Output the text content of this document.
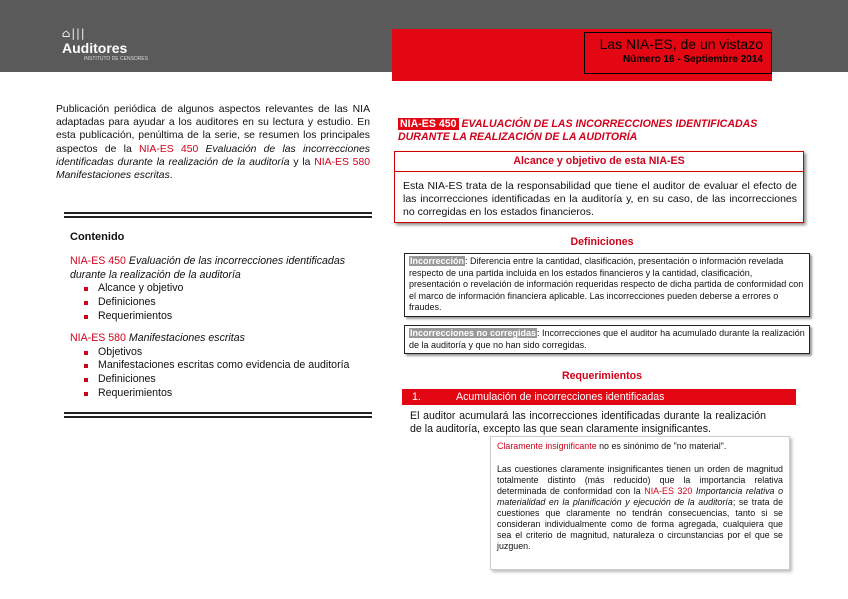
⌂|||
Auditores
INSTITUTO DE CENSORES
Las NIA-ES, de un vistazo
Número 16 - Septiembre 2014
Publicación periódica de algunos aspectos relevantes de las NIA adaptadas para ayudar a los auditores en su lectura y estudio. En esta publicación, penúltima de la serie, se resumen los principales aspectos de la NIA-ES 450 Evaluación de las incorrecciones identificadas durante la realización de la auditoría y la NIA-ES 580 Manifestaciones escritas.
Contenido
NIA-ES 450 Evaluación de las incorrecciones identificadas durante la realización de la auditoría
Alcance y objetivo
Definiciones
Requerimientos
NIA-ES 580 Manifestaciones escritas
Objetivos
Manifestaciones escritas como evidencia de auditoría
Definiciones
Requerimientos
NIA-ES 450 EVALUACIÓN DE LAS INCORRECCIONES IDENTIFICADAS DURANTE LA REALIZACIÓN DE LA AUDITORÍA
Alcance y objetivo de esta NIA-ES
Esta NIA-ES trata de la responsabilidad que tiene el auditor de evaluar el efecto de las incorrecciones identificadas en la auditoría y, en su caso, de las incorrecciones no corregidas en los estados financieros.
Definiciones
Incorrección: Diferencia entre la cantidad, clasificación, presentación o información revelada respecto de una partida incluida en los estados financieros y la cantidad, clasificación, presentación o revelación de información requeridas respecto de dicha partida de conformidad con el marco de información financiera aplicable. Las incorrecciones pueden deberse a errores o fraudes.
Incorrecciones no corregidas: Incorrecciones que el auditor ha acumulado durante la realización de la auditoría y que no han sido corregidas.
Requerimientos
1.	Acumulación de incorrecciones identificadas
El auditor acumulará las incorrecciones identificadas durante la realización de la auditoría, excepto las que sean claramente insignificantes.

Claramente insignificante no es sinónimo de "no material".

Las cuestiones claramente insignificantes tienen un orden de magnitud totalmente distinto (más reducido) que la importancia relativa determinada de conformidad con la NIA-ES 320 Importancia relativa o materialidad en la planificación y ejecución de la auditoría; se trata de cuestiones que claramente no tendrán consecuencias, tanto si se consideran individualmente como de forma agregada, cualquiera que sea el criterio de magnitud, naturaleza o circunstancias por el que se juzguen.
